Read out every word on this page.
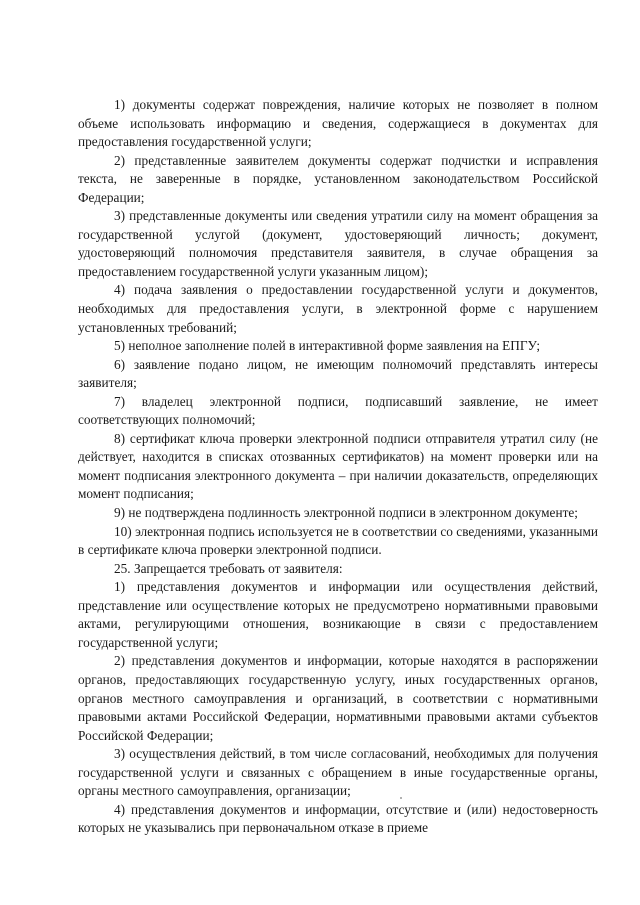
1) документы содержат повреждения, наличие которых не позволяет в полном объеме использовать информацию и сведения, содержащиеся в документах для предоставления государственной услуги;

2) представленные заявителем документы содержат подчистки и исправления текста, не заверенные в порядке, установленном законодательством Российской Федерации;

3) представленные документы или сведения утратили силу на момент обращения за государственной услугой (документ, удостоверяющий личность; документ, удостоверяющий полномочия представителя заявителя, в случае обращения за предоставлением государственной услуги указанным лицом);

4) подача заявления о предоставлении государственной услуги и документов, необходимых для предоставления услуги, в электронной форме с нарушением установленных требований;

5) неполное заполнение полей в интерактивной форме заявления на ЕПГУ;

6) заявление подано лицом, не имеющим полномочий представлять интересы заявителя;

7) владелец электронной подписи, подписавший заявление, не имеет соответствующих полномочий;

8) сертификат ключа проверки электронной подписи отправителя утратил силу (не действует, находится в списках отозванных сертификатов) на момент проверки или на момент подписания электронного документа – при наличии доказательств, определяющих момент подписания;

9) не подтверждена подлинность электронной подписи в электронном документе;

10) электронная подпись используется не в соответствии со сведениями, указанными в сертификате ключа проверки электронной подписи.

25. Запрещается требовать от заявителя:

1) представления документов и информации или осуществления действий, представление или осуществление которых не предусмотрено нормативными правовыми актами, регулирующими отношения, возникающие в связи с предоставлением государственной услуги;

2) представления документов и информации, которые находятся в распоряжении органов, предоставляющих государственную услугу, иных государственных органов, органов местного самоуправления и организаций, в соответствии с нормативными правовыми актами Российской Федерации, нормативными правовыми актами субъектов Российской Федерации;

3) осуществления действий, в том числе согласований, необходимых для получения государственной услуги и связанных с обращением в иные государственные органы, органы местного самоуправления, организации;

4) представления документов и информации, отсутствие и (или) недостоверность которых не указывались при первоначальном отказе в приеме
